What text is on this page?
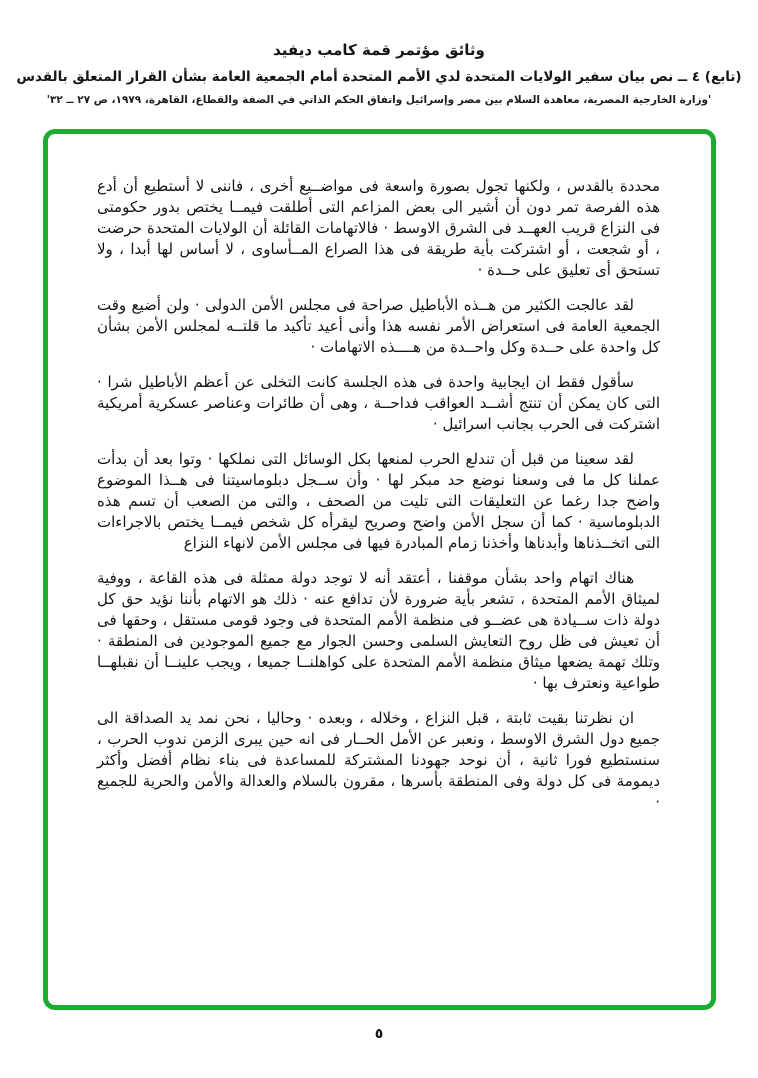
وثائق مؤتمر قمة كامب ديفيد
(تابع) ٤ ــ نص بيان سفير الولايات المتحدة لدي الأمم المتحدة أمام الجمعية العامة بشأن القرار المتعلق بالقدس
'وزارة الخارجية المصرية، معاهدة السلام بين مصر وإسرائيل واتفاق الحكم الذاتي في الضفة والقطاع، القاهرة، ١٩٧٩، ص ٢٧ ــ ٣٢'

محددة بالقدس ، ولكنها تجول بصورة واسعة فى مواضــيع أخرى ، فاننى لا أستطيع أن أدع هذه الفرصة تمر دون أن أشير الى بعض المزاعم التى أطلقت فيمــا يختص بدور حكومتى فى النزاع قريب العهــد فى الشرق الاوسط · فالاتهامات القائلة أن الولايات المتحدة حرضت ، أو شجعت ، أو اشتركت بأية طريقة فى هذا الصراع المــأساوى ، لا أساس لها أبدا ، ولا تستحق أى تعليق على حــدة ·

لقد عالجت الكثير من هــذه الأباطيل صراحة فى مجلس الأمن الدولى · ولن أضيع وقت الجمعية العامة فى استعراض الأمر نفسه هذا وأنى أعيد تأكيد ما قلتــه لمجلس الأمن بشأن كل واحدة على حــدة وكل واحــدة من هــــذه الاتهامات ·

سأقول فقط ان ايجابية واحدة فى هذه الجلسة كانت التخلى عن أعظم الأباطيل شرا · التى كان يمكن أن تنتج أشــد العواقب فداحــة ، وهى أن طائرات وعناصر عسكرية أمريكية اشتركت فى الحرب بجانب اسرائيل ·

لقد سعينا من قبل أن تندلع الحرب لمنعها بكل الوسائل التى نملكها · وتوا بعد أن بدأت عملنا كل ما فى وسعنا نوضع حد مبكر لها · وأن ســجل دبلوماسيتنا فى هــذا الموضوع واضح جدا رغما عن التعليقات التى تليت من الصحف ، والتى من الصعب أن تسم هذه الدبلوماسية · كما أن سجل الأمن واضح وصريح ليقرأه كل شخص فيمــا يختص بالاجراءات التى اتخــذناها وأبدناها وأخذنا زمام المبادرة فيها فى مجلس الأمن لانهاء النزاع

هناك اتهام واحد بشأن موقفنا ، أعتقد أنه لا توجد دولة ممثلة فى هذه القاعة ، ووفية لميثاق الأمم المتحدة ، تشعر بأية ضرورة لأن تدافع عنه · ذلك هو الاتهام بأننا نؤيد حق كل دولة ذات ســيادة هى عضــو فى منظمة الأمم المتحدة فى وجود قومى مستقل ، وحقها فى أن تعيش فى ظل روح التعايش السلمى وحسن الجوار مع جميع الموجودين فى المنطقة · وتلك تهمة يضعها ميثاق منظمة الأمم المتحدة على كواهلنــا جميعا ، ويجب علينــا أن نقبلهــا طواعية ونعترف بها ·

ان نظرتنا بقيت ثابتة ، قبل النزاع ، وخلاله ، وبعده · وحاليا ، نحن نمد يد الصداقة الى جميع دول الشرق الاوسط ، ونعبر عن الأمل الحــار فى انه حين يبرى الزمن ندوب الحرب ، سنستطيع فورا ثانية ، أن نوحد جهودنا المشتركة للمساعدة فى بناء نظام أفضل وأكثر ديمومة فى كل دولة وفى المنطقة بأسرها ، مقرون بالسلام والعدالة والأمن والحرية للجميع ·

٥
